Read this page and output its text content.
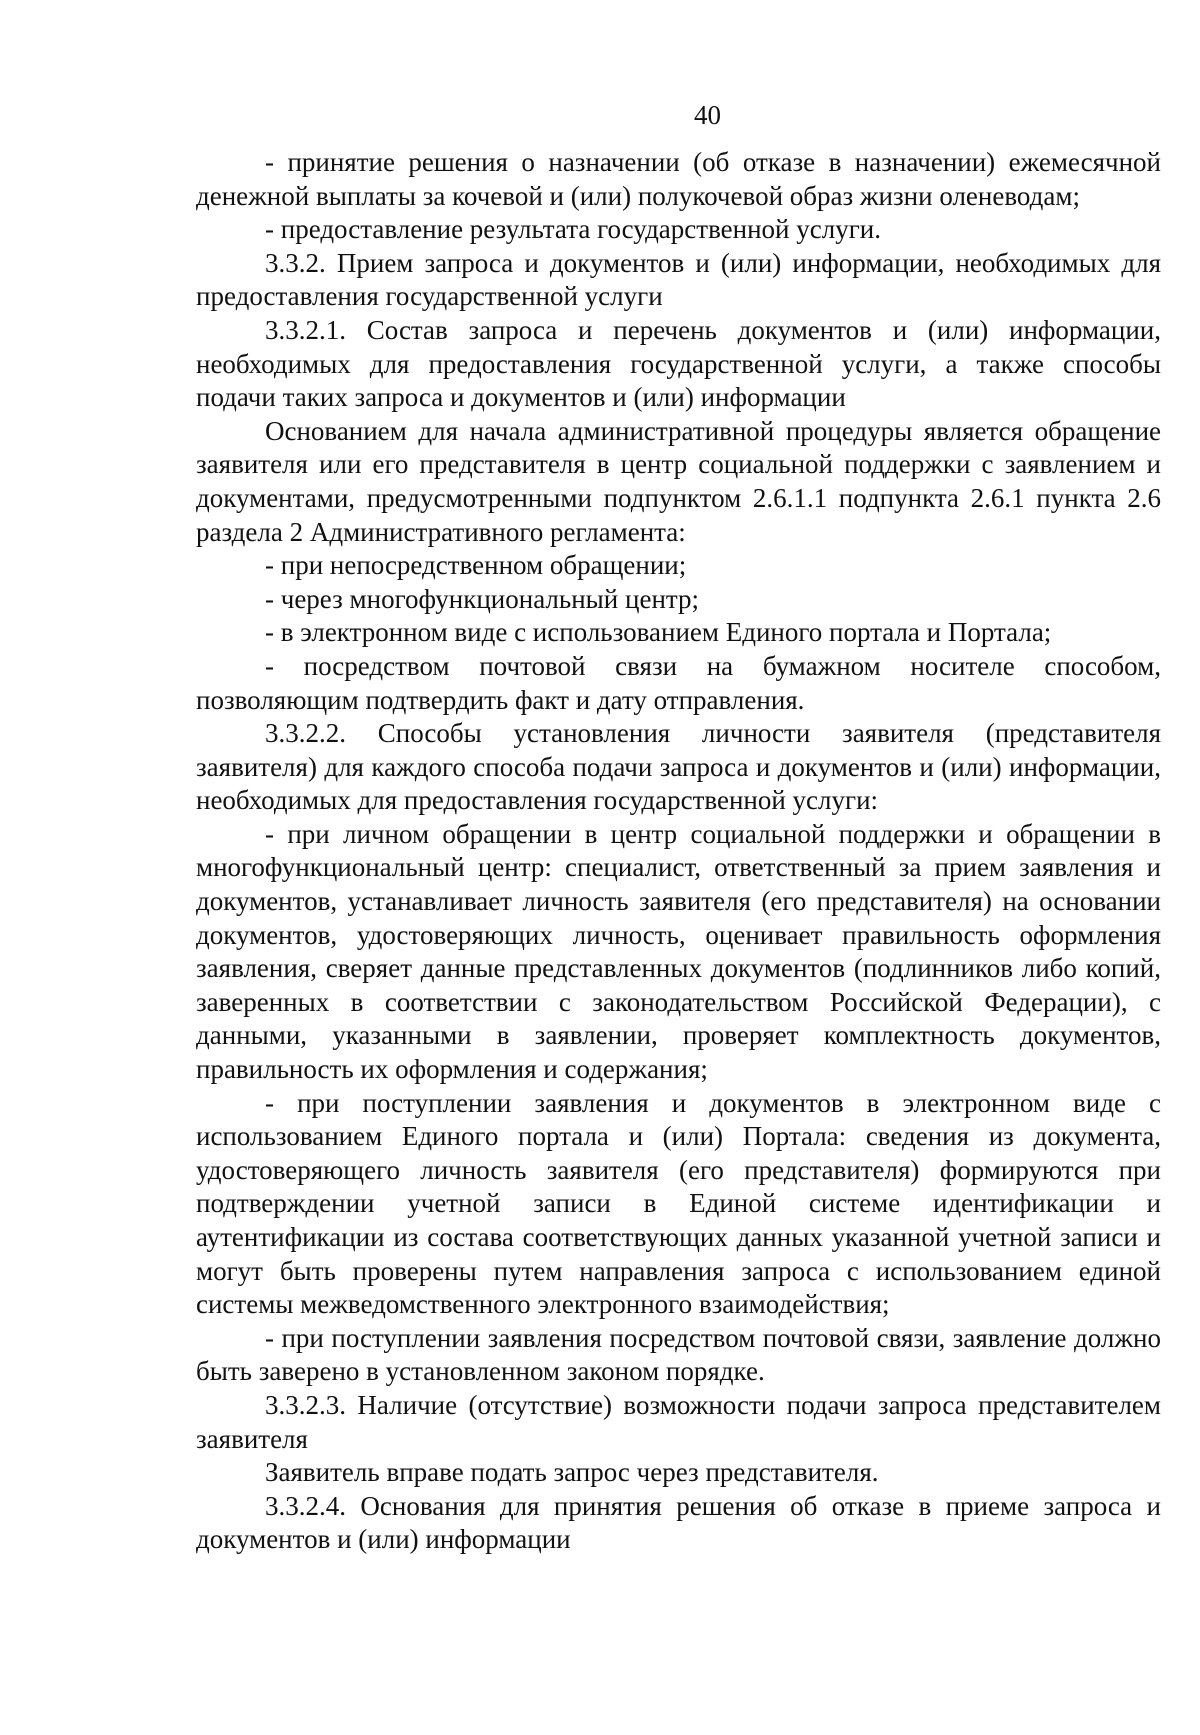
40

- принятие решения о назначении (об отказе в назначении) ежемесячной денежной выплаты за кочевой и (или) полукочевой образ жизни оленеводам;

- предоставление результата государственной услуги.

3.3.2. Прием запроса и документов и (или) информации, необходимых для предоставления государственной услуги

3.3.2.1. Состав запроса и перечень документов и (или) информации, необходимых для предоставления государственной услуги, а также способы подачи таких запроса и документов и (или) информации

Основанием для начала административной процедуры является обращение заявителя или его представителя в центр социальной поддержки с заявлением и документами, предусмотренными подпунктом 2.6.1.1 подпункта 2.6.1 пункта 2.6 раздела 2 Административного регламента:

- при непосредственном обращении;

- через многофункциональный центр;

- в электронном виде с использованием Единого портала и Портала;

- посредством почтовой связи на бумажном носителе способом, позволяющим подтвердить факт и дату отправления.

3.3.2.2. Способы установления личности заявителя (представителя заявителя) для каждого способа подачи запроса и документов и (или) информации, необходимых для предоставления государственной услуги:

- при личном обращении в центр социальной поддержки и обращении в многофункциональный центр: специалист, ответственный за прием заявления и документов, устанавливает личность заявителя (его представителя) на основании документов, удостоверяющих личность, оценивает правильность оформления заявления, сверяет данные представленных документов (подлинников либо копий, заверенных в соответствии с законодательством Российской Федерации), с данными, указанными в заявлении, проверяет комплектность документов, правильность их оформления и содержания;

- при поступлении заявления и документов в электронном виде с использованием Единого портала и (или) Портала: сведения из документа, удостоверяющего личность заявителя (его представителя) формируются при подтверждении учетной записи в Единой системе идентификации и аутентификации из состава соответствующих данных указанной учетной записи и могут быть проверены путем направления запроса с использованием единой системы межведомственного электронного взаимодействия;

- при поступлении заявления посредством почтовой связи, заявление должно быть заверено в установленном законом порядке.

3.3.2.3. Наличие (отсутствие) возможности подачи запроса представителем заявителя

Заявитель вправе подать запрос через представителя.

3.3.2.4. Основания для принятия решения об отказе в приеме запроса и документов и (или) информации
